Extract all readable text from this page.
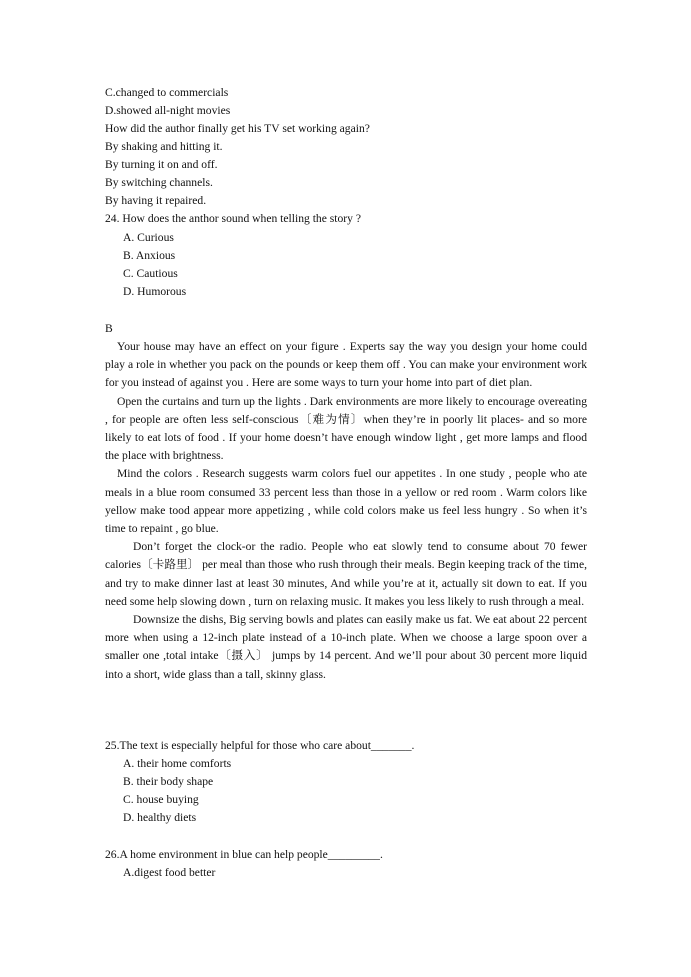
C.changed to commercials
D.showed all-night movies
How did the author finally get his TV set working again?
By shaking and hitting it.
By turning it on and off.
By switching channels.
By having it repaired.
24. How does the anthor sound when telling the story ?
A. Curious
B. Anxious
C. Cautious
D. Humorous
B

Your house may have an effect on your figure . Experts say the way you design your home could play a role in whether you pack on the pounds or keep them off . You can make your environment work for you instead of against you . Here are some ways to turn your home into part of diet plan.

Open the curtains and turn up the lights . Dark environments are more likely to encourage overeating , for people are often less self-conscious〔难为情〕when they’re in poorly lit places- and so more likely to eat lots of food . If your home doesn’t have enough window light , get more lamps and flood the place with brightness.

Mind the colors . Research suggests warm colors fuel our appetites . In one study , people who ate meals in a blue room consumed 33 percent less than those in a yellow or red room . Warm colors like yellow make tood appear more appetizing , while cold colors make us feel less hungry . So when it’s time to repaint , go blue.

Don’t forget the clock-or the radio. People who eat slowly tend to consume about 70 fewer calories〔卡路里〕 per meal than those who rush through their meals. Begin keeping track of the time, and try to make dinner last at least 30 minutes, And while you’re at it, actually sit down to eat. If you need some help slowing down , turn on relaxing music. It makes you less likely to rush through a meal.

Downsize the dishs, Big serving bowls and plates can easily make us fat. We eat about 22 percent more when using a 12-inch plate instead of a 10-inch plate. When we choose a large spoon over a smaller one ,total intake〔摄入〕 jumps by 14 percent. And we’ll pour about 30 percent more liquid into a short, wide glass than a tall, skinny glass.

25.The text is especially helpful for those who care about_______.
A. their home comforts
B. their body shape
C. house buying
D. healthy diets
26.A home environment in blue can help people_________.
A.digest food better
